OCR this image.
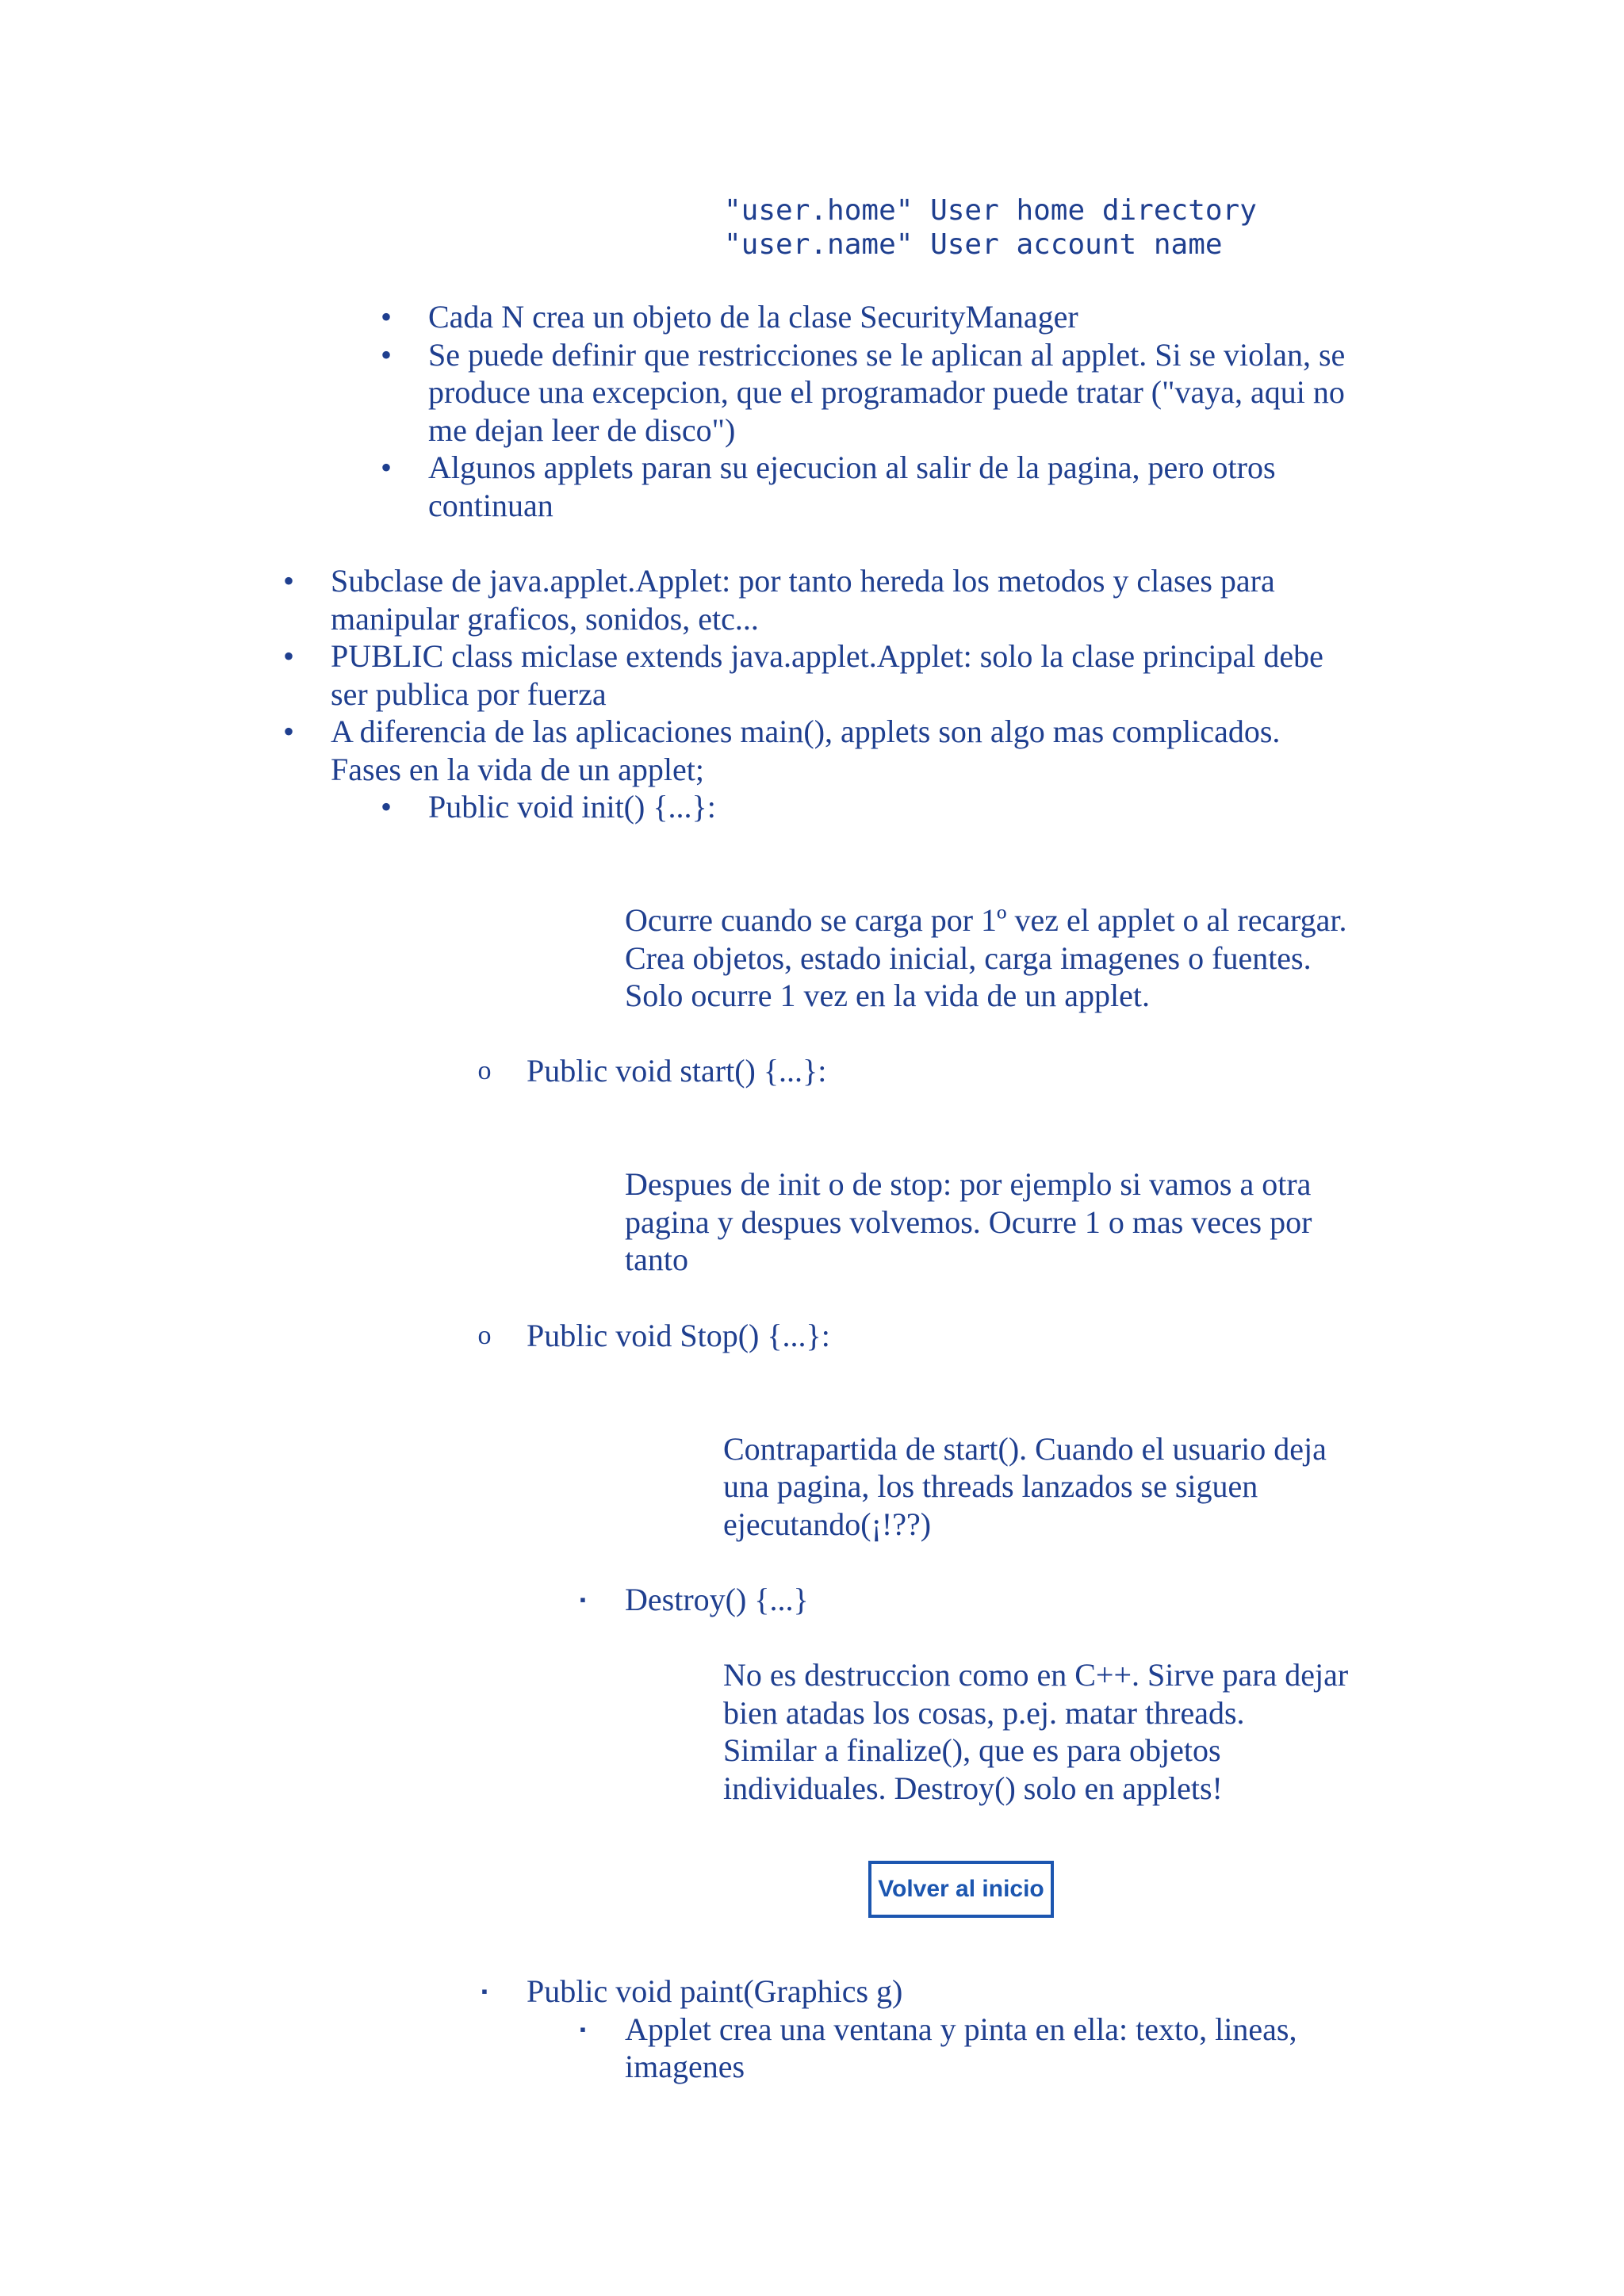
"user.home" User home directory
"user.name" User account name
• Cada N crea un objeto de la clase SecurityManager
• Se puede definir que restricciones se le aplican al applet. Si se violan, se
produce una excepcion, que el programador puede tratar ("vaya, aqui no
me dejan leer de disco")
• Algunos applets paran su ejecucion al salir de la pagina, pero otros
continuan
• Subclase de java.applet.Applet: por tanto hereda los metodos y clases para
manipular graficos, sonidos, etc...
• PUBLIC class miclase extends java.applet.Applet: solo la clase principal debe
ser publica por fuerza
• A diferencia de las aplicaciones main(), applets son algo mas complicados.
Fases en la vida de un applet;
• Public void init() {...}:
Ocurre cuando se carga por 1º vez el applet o al recargar.
Crea objetos, estado inicial, carga imagenes o fuentes.
Solo ocurre 1 vez en la vida de un applet.
o Public void start() {...}:
Despues de init o de stop: por ejemplo si vamos a otra
pagina y despues volvemos. Ocurre 1 o mas veces por
tanto
o Public void Stop() {...}:
Contrapartida de start(). Cuando el usuario deja
una pagina, los threads lanzados se siguen
ejecutando(¡!??)
▪ Destroy() {...}
No es destruccion como en C++. Sirve para dejar
bien atadas los cosas, p.ej. matar threads.
Similar a finalize(), que es para objetos
individuales. Destroy() solo en applets!
Volver al inicio
▪ Public void paint(Graphics g)
▪ Applet crea una ventana y pinta en ella: texto, lineas,
imagenes
